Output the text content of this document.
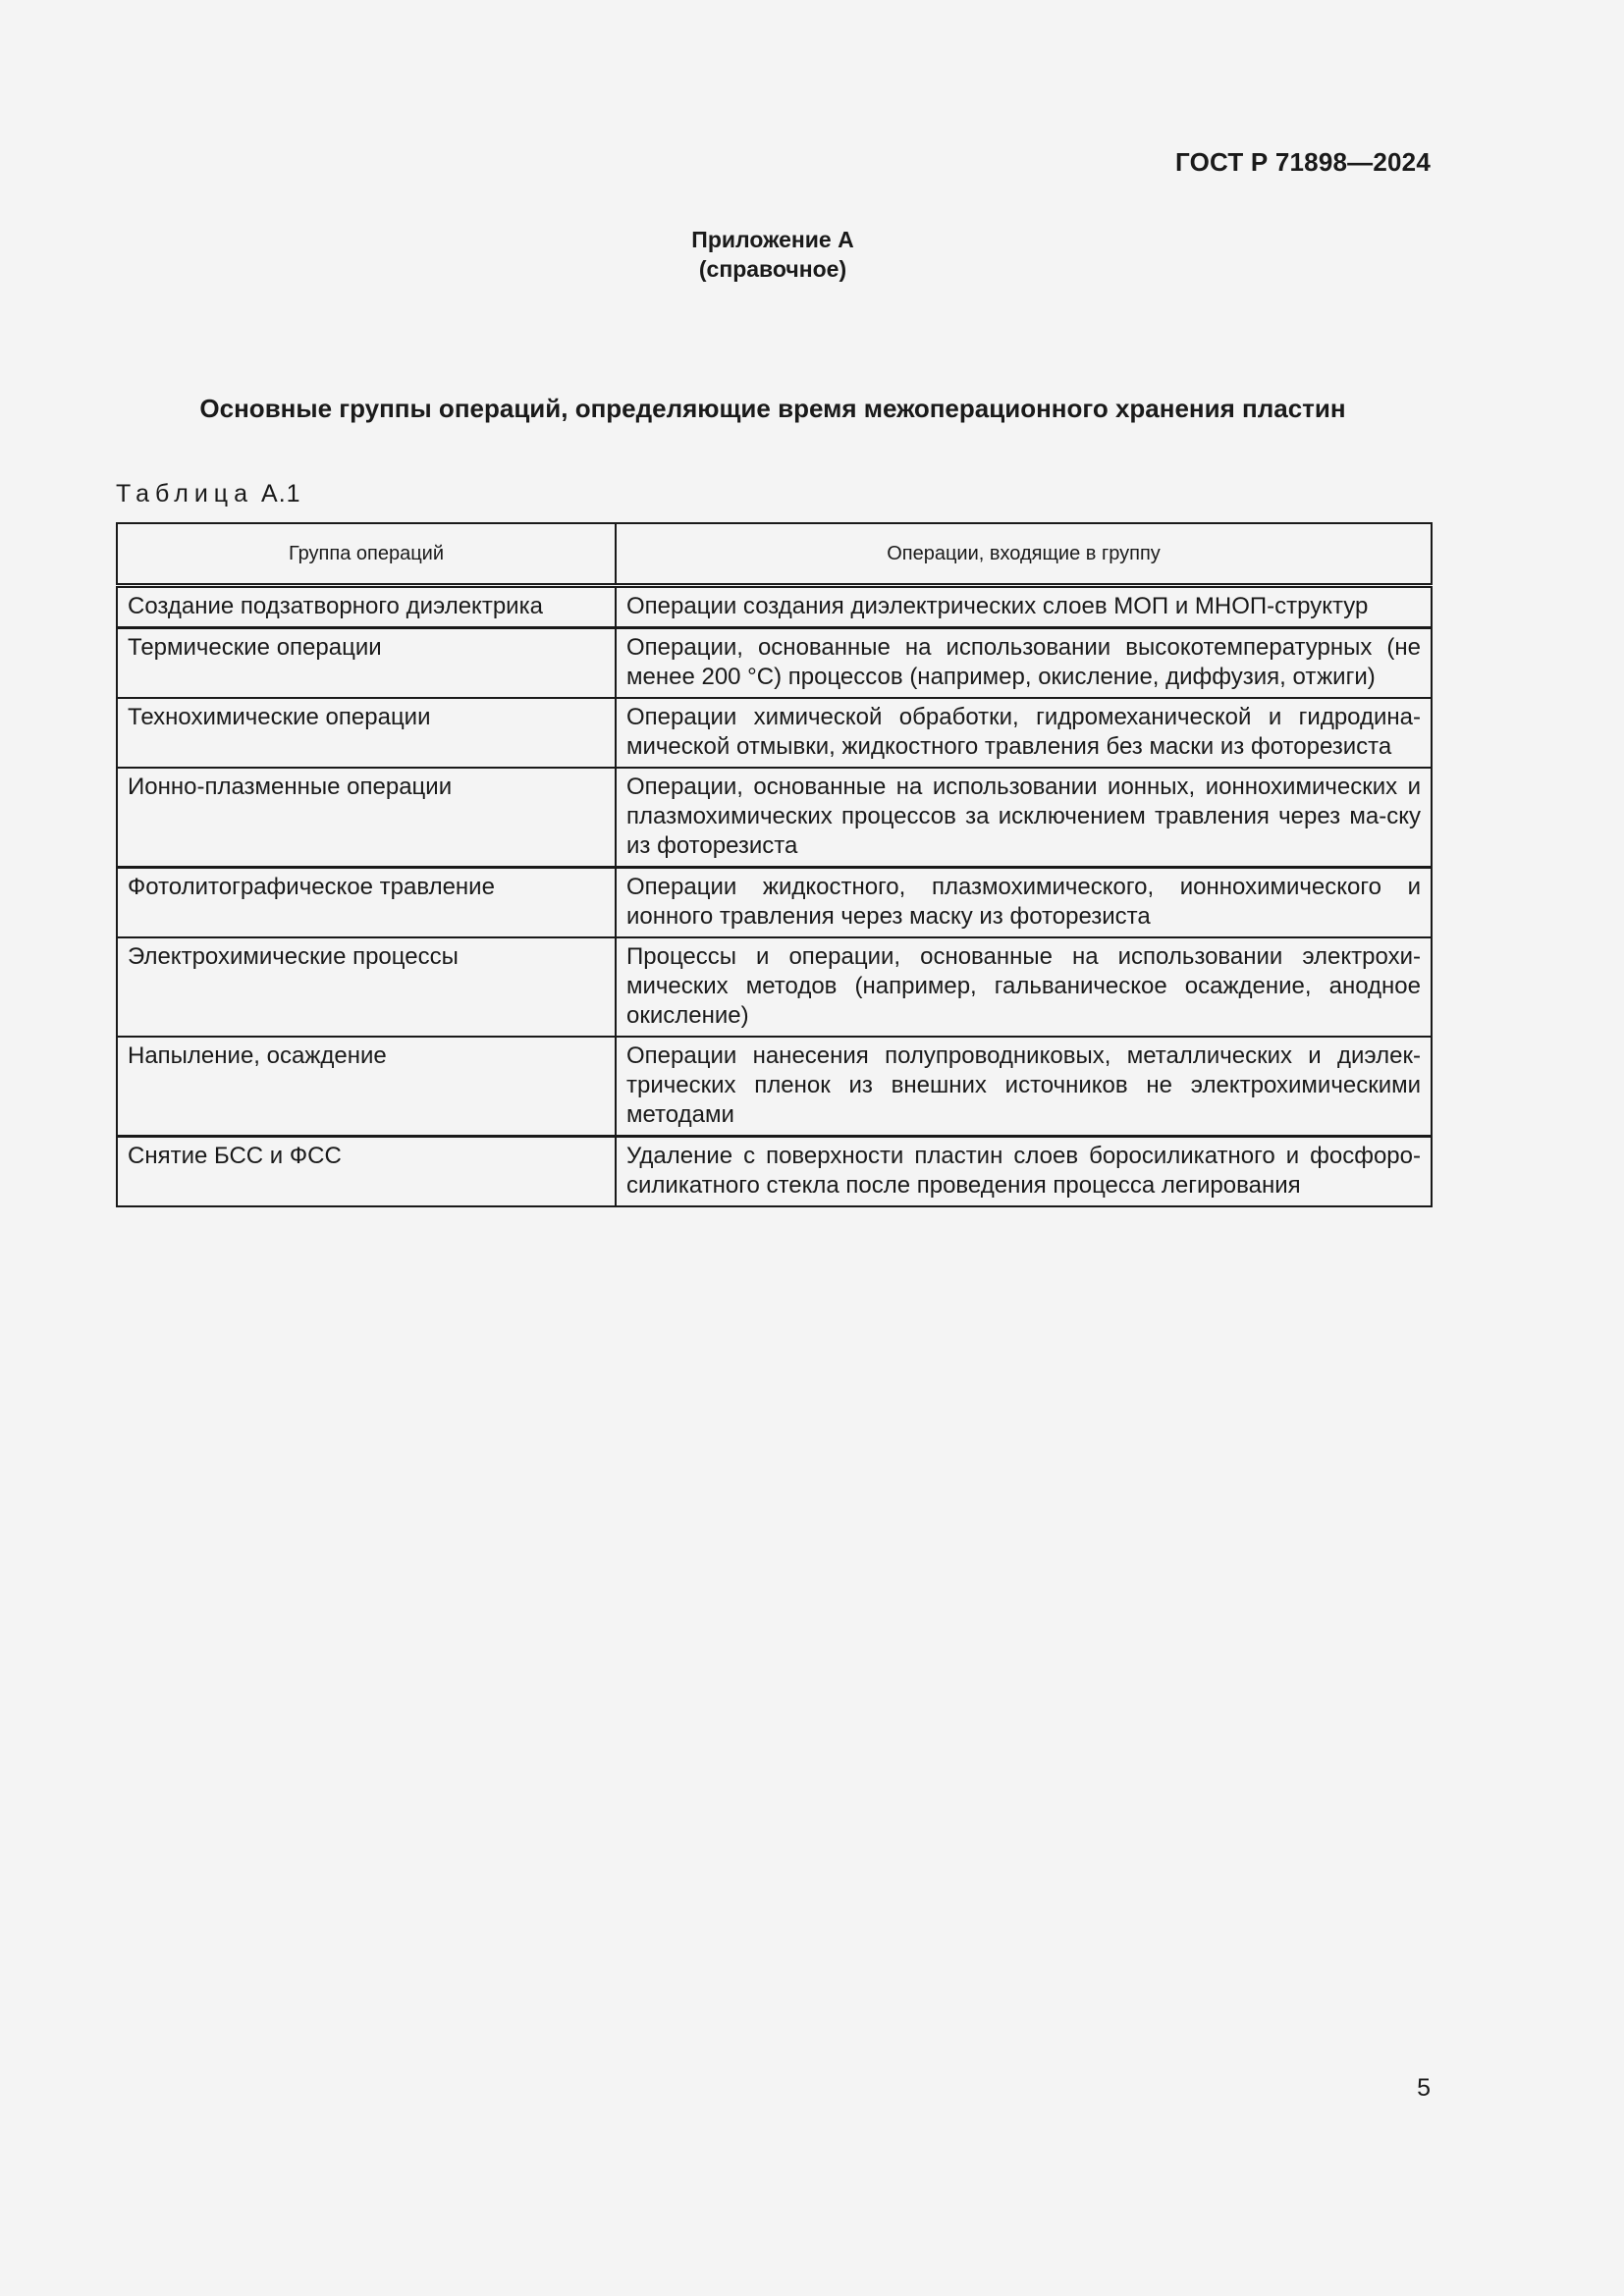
ГОСТ Р 71898—2024
Приложение А
(справочное)
Основные группы операций, определяющие время межоперационного хранения пластин
Таблица А.1
Группа операций	Операции, входящие в группу
Создание подзатворного диэлектрика	Операции создания диэлектрических слоев МОП и МНОП-структур
Термические операции	Операции, основанные на использовании высокотемпературных (не менее 200 °С) процессов (например, окисление, диффузия, отжиги)
Технохимические операции	Операции химической обработки, гидромеханической и гидродина-мической отмывки, жидкостного травления без маски из фоторезиста
Ионно-плазменные операции	Операции, основанные на использовании ионных, ионнохимических и плазмохимических процессов за исключением травления через ма-ску из фоторезиста
Фотолитографическое травление	Операции жидкостного, плазмохимического, ионнохимического и ионного травления через маску из фоторезиста
Электрохимические процессы	Процессы и операции, основанные на использовании электрохи-мических методов (например, гальваническое осаждение, анодное окисление)
Напыление, осаждение	Операции нанесения полупроводниковых, металлических и диэлек-трических пленок из внешних источников не электрохимическими методами
Снятие БСС и ФСС	Удаление с поверхности пластин слоев боросиликатного и фосфоро-силикатного стекла после проведения процесса легирования
5
